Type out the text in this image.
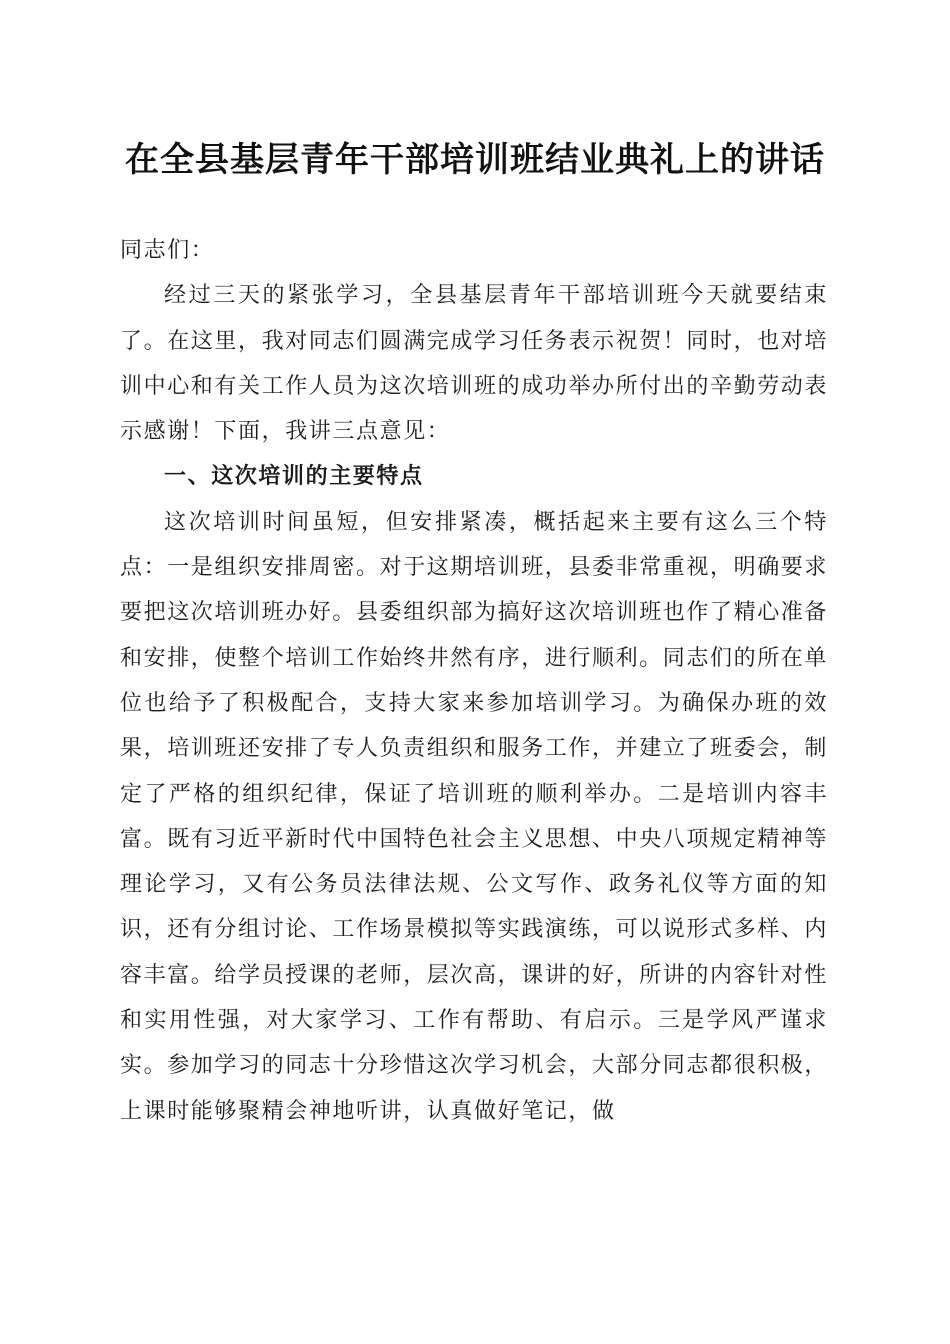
在全县基层青年干部培训班结业典礼上的讲话

同志们：

经过三天的紧张学习，全县基层青年干部培训班今天就要结束了。在这里，我对同志们圆满完成学习任务表示祝贺！同时，也对培训中心和有关工作人员为这次培训班的成功举办所付出的辛勤劳动表示感谢！下面，我讲三点意见：

一、这次培训的主要特点

这次培训时间虽短，但安排紧凑，概括起来主要有这么三个特点：一是组织安排周密。对于这期培训班，县委非常重视，明确要求要把这次培训班办好。县委组织部为搞好这次培训班也作了精心准备和安排，使整个培训工作始终井然有序，进行顺利。同志们的所在单位也给予了积极配合，支持大家来参加培训学习。为确保办班的效果，培训班还安排了专人负责组织和服务工作，并建立了班委会，制定了严格的组织纪律，保证了培训班的顺利举办。二是培训内容丰富。既有习近平新时代中国特色社会主义思想、中央八项规定精神等理论学习，又有公务员法律法规、公文写作、政务礼仪等方面的知识，还有分组讨论、工作场景模拟等实践演练，可以说形式多样、内容丰富。给学员授课的老师，层次高，课讲的好，所讲的内容针对性和实用性强，对大家学习、工作有帮助、有启示。三是学风严谨求实。参加学习的同志十分珍惜这次学习机会，大部分同志都很积极，上课时能够聚精会神地听讲，认真做好笔记，做
